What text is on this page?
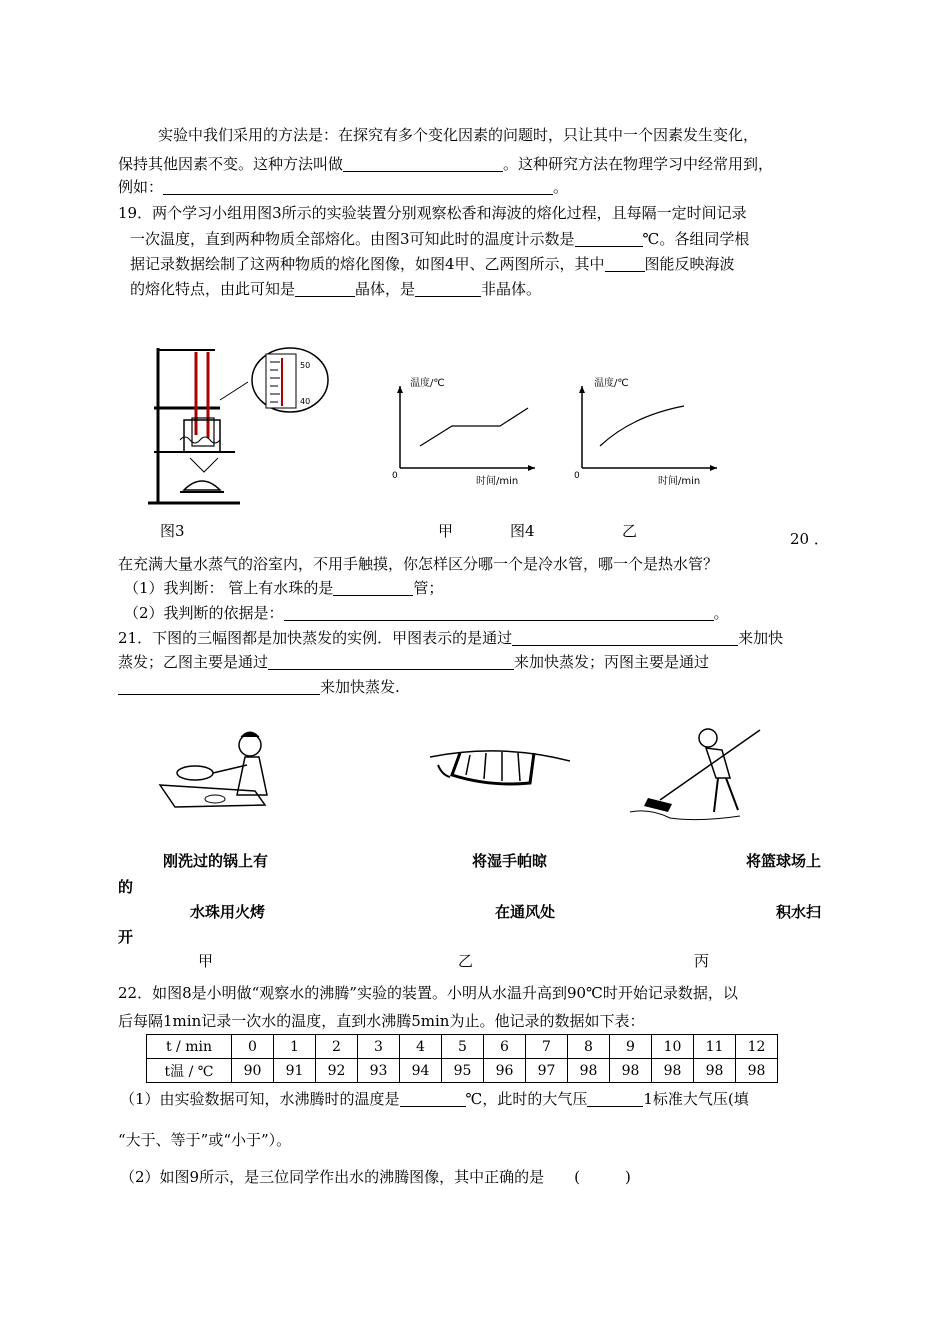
实验中我们采用的方法是：在探究有多个变化因素的问题时，只让其中一个因素发生变化，
保持其他因素不变。这种方法叫做	。这种研究方法在物理学习中经常用到，
例如：	。
19．两个学习小组用图3所示的实验装置分别观察松香和海波的熔化过程，且每隔一定时间记录
一次温度，直到两种物质全部熔化。由图3可知此时的温度计示数是	℃。各组同学根
据记录数据绘制了这两种物质的熔化图像，如图4甲、乙两图所示，其中	图能反映海波
的熔化特点，由此可知是	晶体，是	非晶体。
50
40
图3
温度/℃
时间/min
0
温度/℃
时间/min
0
甲	图4	乙	20 ．
在充满大量水蒸气的浴室内，不用手触摸，你怎样区分哪一个是冷水管，哪一个是热水管？
（1）我判断： 管上有水珠的是	管；
（2）我判断的依据是：	。
21．下图的三幅图都是加快蒸发的实例．甲图表示的是通过	来加快
蒸发；乙图主要是通过	来加快蒸发；丙图主要是通过
来加快蒸发.
刚洗过的锅上有	将湿手帕晾	将篮球场上
的
水珠用火烤	在通风处	积水扫
开
甲	乙	丙
22．如图8是小明做“观察水的沸腾”实验的装置。小明从水温升高到90℃时开始记录数据，以
后每隔1min记录一次水的温度，直到水沸腾5min为止。他记录的数据如下表：
t / min	0	1	2	3	4	5	6	7	8	9	10	11	12
t温 / ℃	90	91	92	93	94	95	96	97	98	98	98	98	98
（1）由实验数据可知，水沸腾时的温度是	℃，此时的大气压	1标准大气压(填
“大于、等于”或“小于”）。
（2）如图9所示，是三位同学作出水的沸腾图像，其中正确的是　　(　　　)
